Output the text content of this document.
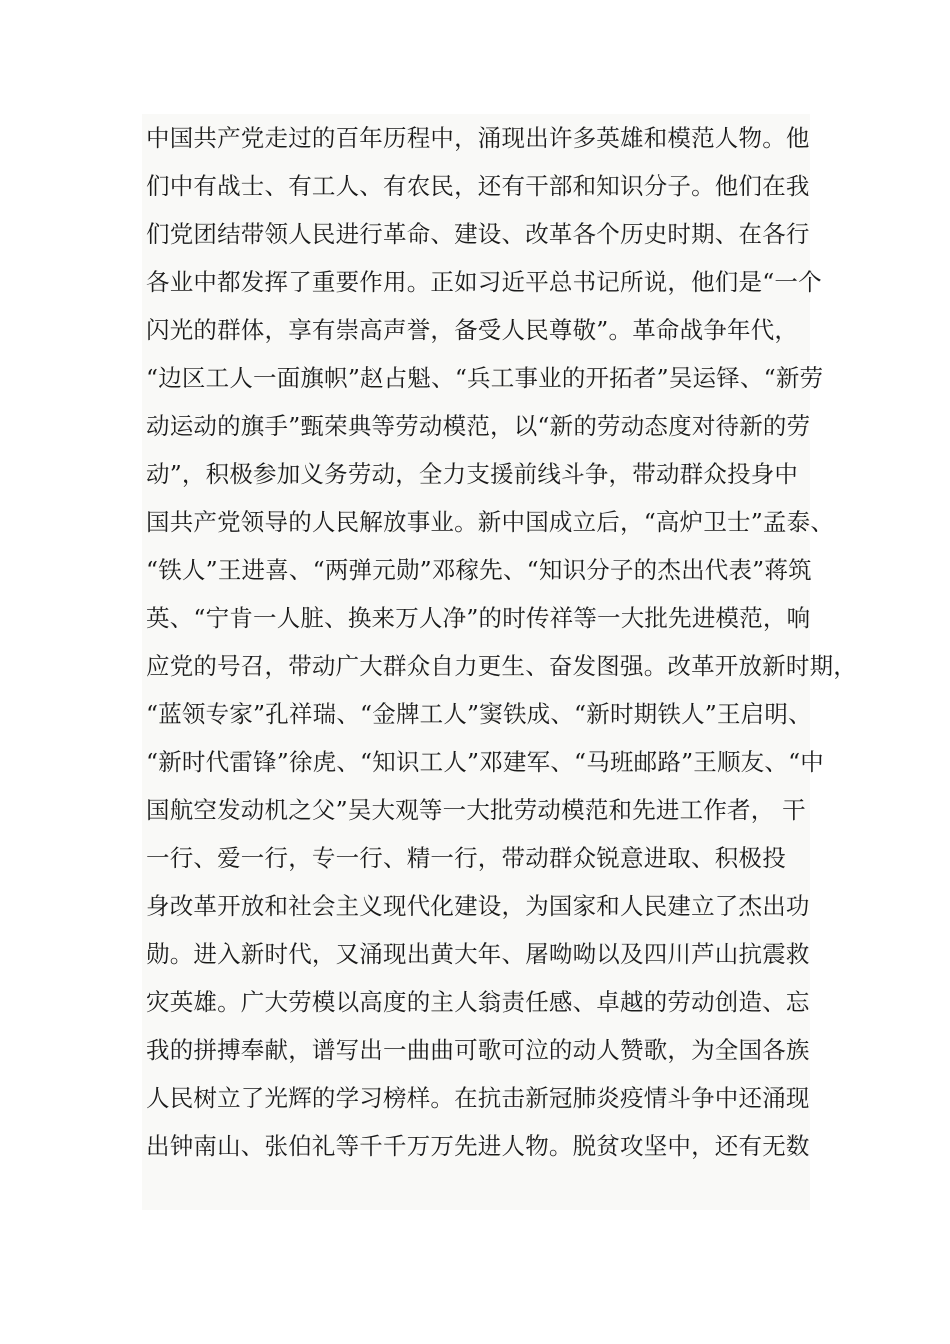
中国共产党走过的百年历程中，涌现出许多英雄和模范人物。他
们中有战士、有工人、有农民，还有干部和知识分子。他们在我
们党团结带领人民进行革命、建设、改革各个历史时期、在各行
各业中都发挥了重要作用。正如习近平总书记所说，他们是“一个
闪光的群体，享有崇高声誉，备受人民尊敬”。革命战争年代，
“边区工人一面旗帜”赵占魁、“兵工事业的开拓者”吴运铎、“新劳
动运动的旗手”甄荣典等劳动模范，以“新的劳动态度对待新的劳
动”，积极参加义务劳动，全力支援前线斗争，带动群众投身中
国共产党领导的人民解放事业。新中国成立后，“高炉卫士”孟泰、
“铁人”王进喜、“两弹元勋”邓稼先、“知识分子的杰出代表”蒋筑
英、“宁肯一人脏、换来万人净”的时传祥等一大批先进模范，响
应党的号召，带动广大群众自力更生、奋发图强。改革开放新时期，
“蓝领专家”孔祥瑞、“金牌工人”窦铁成、“新时期铁人”王启明、
“新时代雷锋”徐虎、“知识工人”邓建军、“马班邮路”王顺友、“中
国航空发动机之父”吴大观等一大批劳动模范和先进工作者， 干
一行、爱一行，专一行、精一行，带动群众锐意进取、积极投
身改革开放和社会主义现代化建设，为国家和人民建立了杰出功
勋。进入新时代，又涌现出黄大年、屠呦呦以及四川芦山抗震救
灾英雄。广大劳模以高度的主人翁责任感、卓越的劳动创造、忘
我的拼搏奉献，谱写出一曲曲可歌可泣的动人赞歌，为全国各族
人民树立了光辉的学习榜样。在抗击新冠肺炎疫情斗争中还涌现
出钟南山、张伯礼等千千万万先进人物。脱贫攻坚中，还有无数
